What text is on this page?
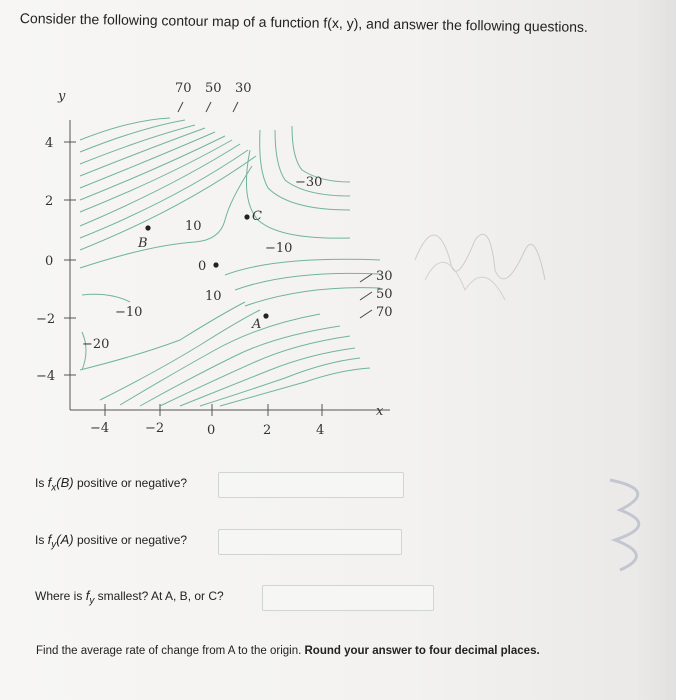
Consider the following contour map of a function f(x, y), and answer the following questions.
y
x
4
2
0
−2
−4
−4	−2	0	2	4
70 50 30
−30
10
−10
10
−10
−20
30
50
70
B
C
0
A
Is $f_x(B)$ positive or negative?
Is $f_y(A)$ positive or negative?
Where is $f_y$ smallest? At A, B, or C?
Find the average rate of change from A to the origin. Round your answer to four decimal places.
